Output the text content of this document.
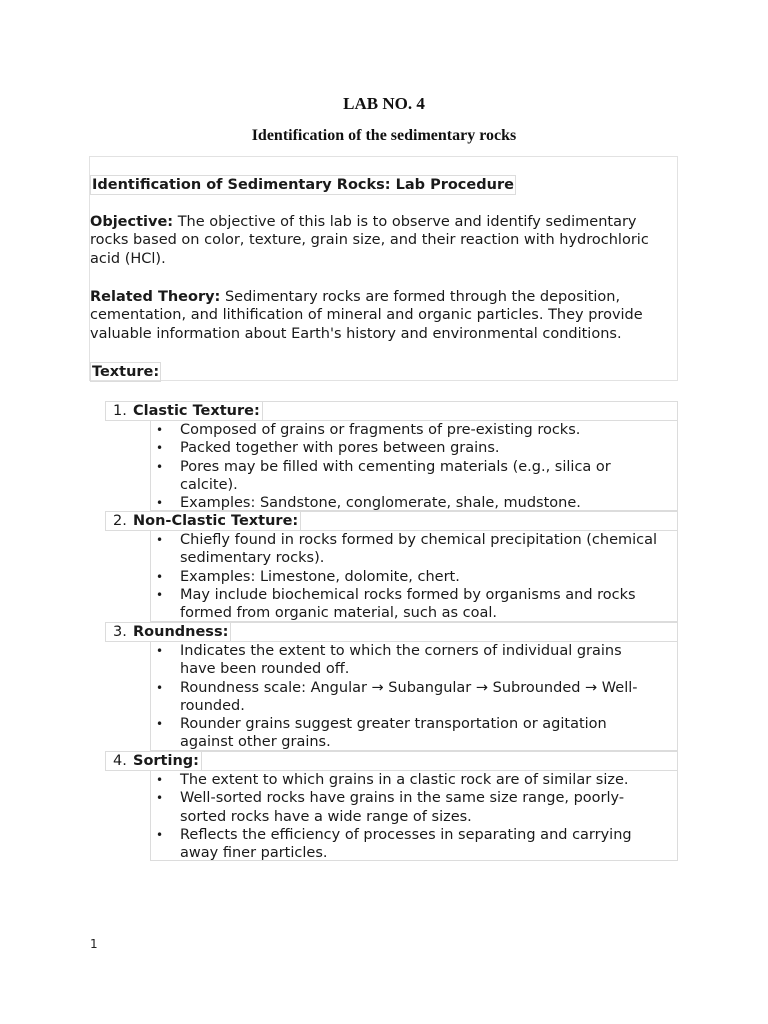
LAB NO. 4
Identification of the sedimentary rocks
Identification of Sedimentary Rocks: Lab Procedure
Objective: The objective of this lab is to observe and identify sedimentary
rocks based on color, texture, grain size, and their reaction with hydrochloric
acid (HCl).
Related Theory: Sedimentary rocks are formed through the deposition,
cementation, and lithification of mineral and organic particles. They provide
valuable information about Earth's history and environmental conditions.
Texture:
1. Clastic Texture:
• Composed of grains or fragments of pre-existing rocks.
• Packed together with pores between grains.
• Pores may be filled with cementing materials (e.g., silica or
calcite).
• Examples: Sandstone, conglomerate, shale, mudstone.
2. Non-Clastic Texture:
• Chiefly found in rocks formed by chemical precipitation (chemical
sedimentary rocks).
• Examples: Limestone, dolomite, chert.
• May include biochemical rocks formed by organisms and rocks
formed from organic material, such as coal.
3. Roundness:
• Indicates the extent to which the corners of individual grains
have been rounded off.
• Roundness scale: Angular → Subangular → Subrounded → Well-
rounded.
• Rounder grains suggest greater transportation or agitation
against other grains.
4. Sorting:
• The extent to which grains in a clastic rock are of similar size.
• Well-sorted rocks have grains in the same size range, poorly-
sorted rocks have a wide range of sizes.
• Reflects the efficiency of processes in separating and carrying
away finer particles.
1
